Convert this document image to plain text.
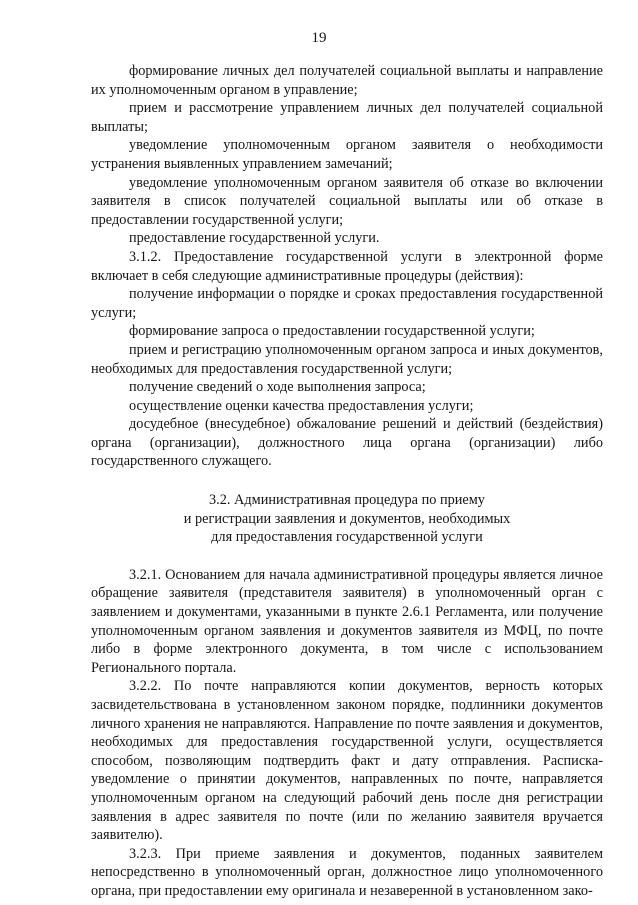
19

формирование личных дел получателей социальной выплаты и направление их уполномоченным органом в управление;

прием и рассмотрение управлением личных дел получателей социальной выплаты;

уведомление уполномоченным органом заявителя о необходимости устранения выявленных управлением замечаний;

уведомление уполномоченным органом заявителя об отказе во включении заявителя в список получателей социальной выплаты или об отказе в предоставлении государственной услуги;

предоставление государственной услуги.

3.1.2. Предоставление государственной услуги в электронной форме включает в себя следующие административные процедуры (действия):

получение информации о порядке и сроках предоставления государственной услуги;

формирование запроса о предоставлении государственной услуги;

прием и регистрацию уполномоченным органом запроса и иных документов, необходимых для предоставления государственной услуги;

получение сведений о ходе выполнения запроса;

осуществление оценки качества предоставления услуги;

досудебное (внесудебное) обжалование решений и действий (бездействия) органа (организации), должностного лица органа (организации) либо государственного служащего.

3.2. Административная процедура по приему
и регистрации заявления и документов, необходимых
для предоставления государственной услуги

3.2.1. Основанием для начала административной процедуры является личное обращение заявителя (представителя заявителя) в уполномоченный орган с заявлением и документами, указанными в пункте 2.6.1 Регламента, или получение уполномоченным органом заявления и документов заявителя из МФЦ, по почте либо в форме электронного документа, в том числе с использованием Регионального портала.

3.2.2. По почте направляются копии документов, верность которых засвидетельствована в установленном законом порядке, подлинники документов личного хранения не направляются. Направление по почте заявления и документов, необходимых для предоставления государственной услуги, осуществляется способом, позволяющим подтвердить факт и дату отправления. Расписка-уведомление о принятии документов, направленных по почте, направляется уполномоченным органом на следующий рабочий день после дня регистрации заявления в адрес заявителя по почте (или по желанию заявителя вручается заявителю).

3.2.3. При приеме заявления и документов, поданных заявителем непосредственно в уполномоченный орган, должностное лицо уполномоченного органа, при предоставлении ему оригинала и незаверенной в установленном зако-
